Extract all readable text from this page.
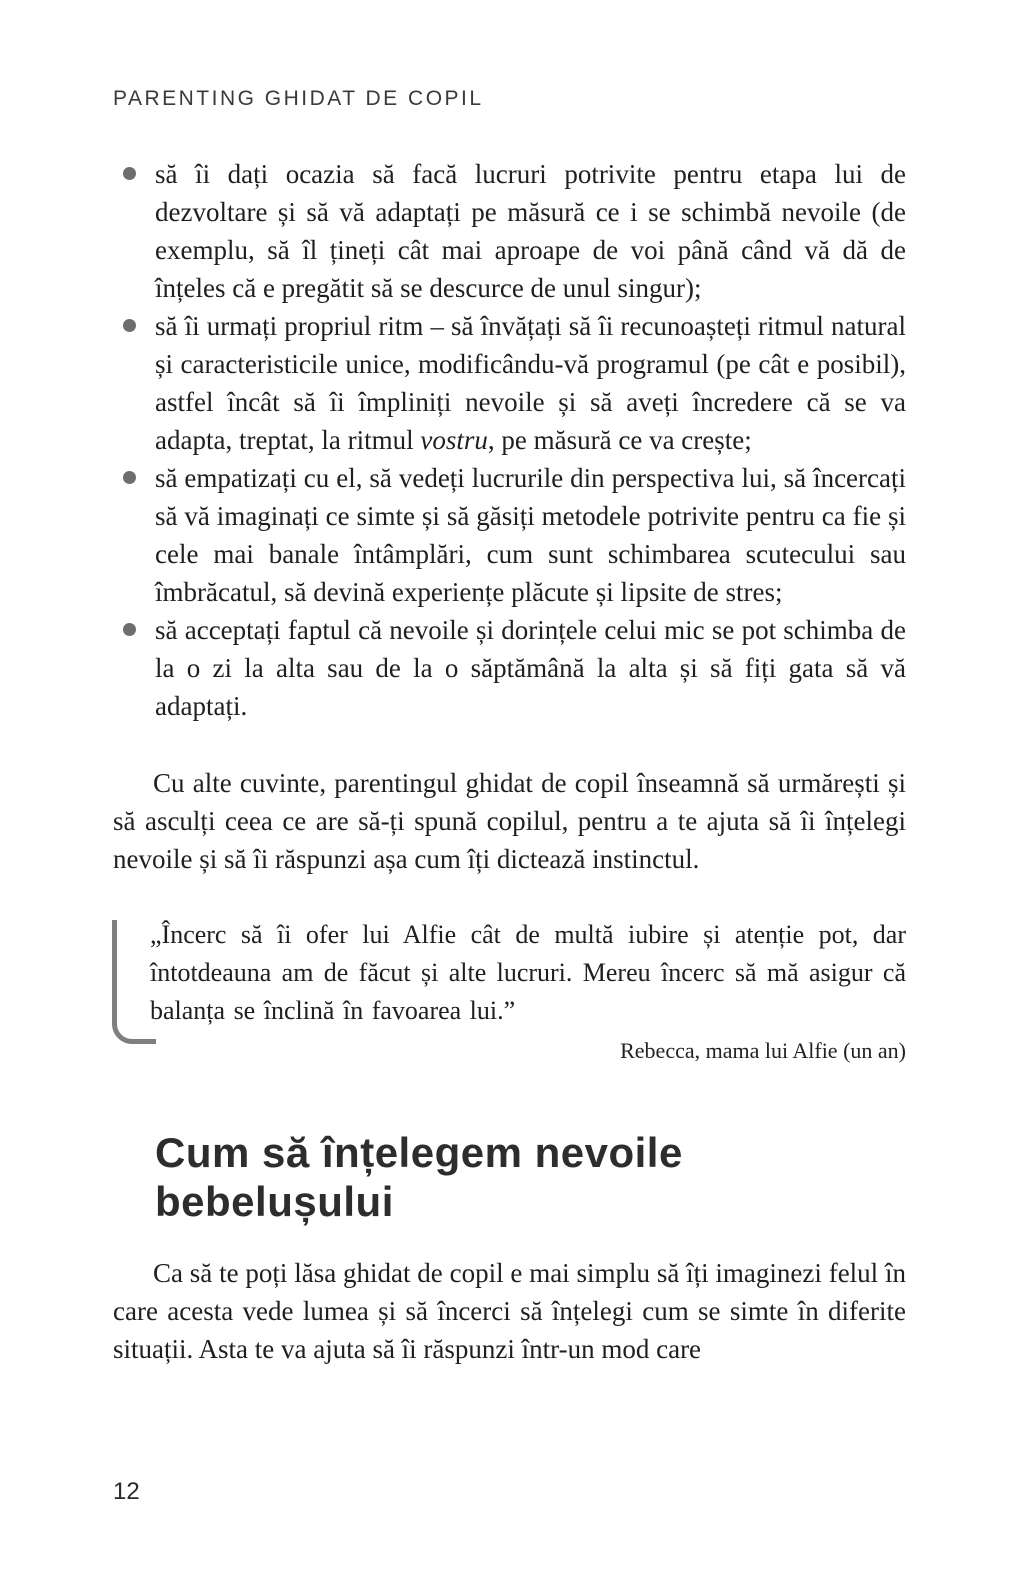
PARENTING GHIDAT DE COPIL
să îi dați ocazia să facă lucruri potrivite pentru etapa lui de dezvoltare și să vă adaptați pe măsură ce i se schimbă nevoile (de exemplu, să îl țineți cât mai aproape de voi până când vă dă de înțeles că e pregătit să se descurce de unul singur);
să îi urmați propriul ritm – să învățați să îi recunoașteți ritmul natural și caracteristicile unice, modificându-vă programul (pe cât e posibil), astfel încât să îi împliniți nevoile și să aveți încredere că se va adapta, treptat, la ritmul vostru, pe măsură ce va crește;
să empatizați cu el, să vedeți lucrurile din perspectiva lui, să încercați să vă imaginați ce simte și să găsiți metodele potrivite pentru ca fie și cele mai banale întâmplări, cum sunt schimbarea scutecului sau îmbrăcatul, să devină experiențe plăcute și lipsite de stres;
să acceptați faptul că nevoile și dorințele celui mic se pot schimba de la o zi la alta sau de la o săptămână la alta și să fiți gata să vă adaptați.

Cu alte cuvinte, parentingul ghidat de copil înseamnă să urmărești și să asculți ceea ce are să-ți spună copilul, pentru a te ajuta să îi înțelegi nevoile și să îi răspunzi așa cum îți dictează instinctul.

„Încerc să îi ofer lui Alfie cât de multă iubire și atenție pot, dar întotdeauna am de făcut și alte lucruri. Mereu încerc să mă asigur că balanța se înclină în favoarea lui.”

Rebecca, mama lui Alfie (un an)

Cum să înțelegem nevoile bebelușului

Ca să te poți lăsa ghidat de copil e mai simplu să îți imaginezi felul în care acesta vede lumea și să încerci să înțelegi cum se simte în diferite situații. Asta te va ajuta să îi răspunzi într-un mod care

12
